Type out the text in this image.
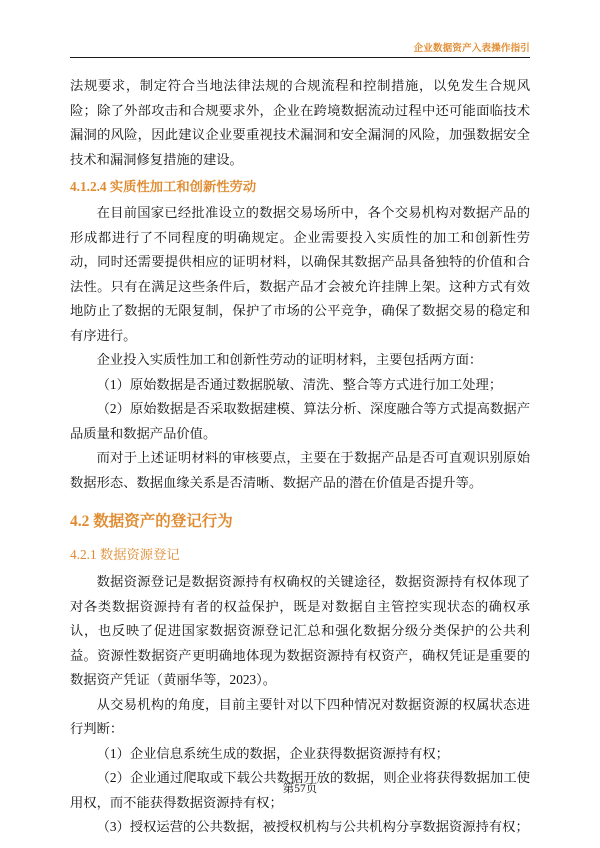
企业数据资产入表操作指引

法规要求，制定符合当地法律法规的合规流程和控制措施，以免发生合规风险；除了外部攻击和合规要求外，企业在跨境数据流动过程中还可能面临技术漏洞的风险，因此建议企业要重视技术漏洞和安全漏洞的风险，加强数据安全技术和漏洞修复措施的建设。

4.1.2.4 实质性加工和创新性劳动

在目前国家已经批准设立的数据交易场所中，各个交易机构对数据产品的形成都进行了不同程度的明确规定。企业需要投入实质性的加工和创新性劳动，同时还需要提供相应的证明材料，以确保其数据产品具备独特的价值和合法性。只有在满足这些条件后，数据产品才会被允许挂牌上架。这种方式有效地防止了数据的无限复制，保护了市场的公平竞争，确保了数据交易的稳定和有序进行。

企业投入实质性加工和创新性劳动的证明材料，主要包括两方面：

（1）原始数据是否通过数据脱敏、清洗、整合等方式进行加工处理；

（2）原始数据是否采取数据建模、算法分析、深度融合等方式提高数据产品质量和数据产品价值。

而对于上述证明材料的审核要点，主要在于数据产品是否可直观识别原始数据形态、数据血缘关系是否清晰、数据产品的潜在价值是否提升等。

4.2 数据资产的登记行为

4.2.1 数据资源登记

数据资源登记是数据资源持有权确权的关键途径，数据资源持有权体现了对各类数据资源持有者的权益保护，既是对数据自主管控实现状态的确权承认，也反映了促进国家数据资源登记汇总和强化数据分级分类保护的公共利益。资源性数据资产更明确地体现为数据资源持有权资产，确权凭证是重要的数据资产凭证（黄丽华等，2023）。

从交易机构的角度，目前主要针对以下四种情况对数据资源的权属状态进行判断：

（1）企业信息系统生成的数据，企业获得数据资源持有权；

（2）企业通过爬取或下载公共数据开放的数据，则企业将获得数据加工使用权，而不能获得数据资源持有权；

（3）授权运营的公共数据，被授权机构与公共机构分享数据资源持有权；

第57页
